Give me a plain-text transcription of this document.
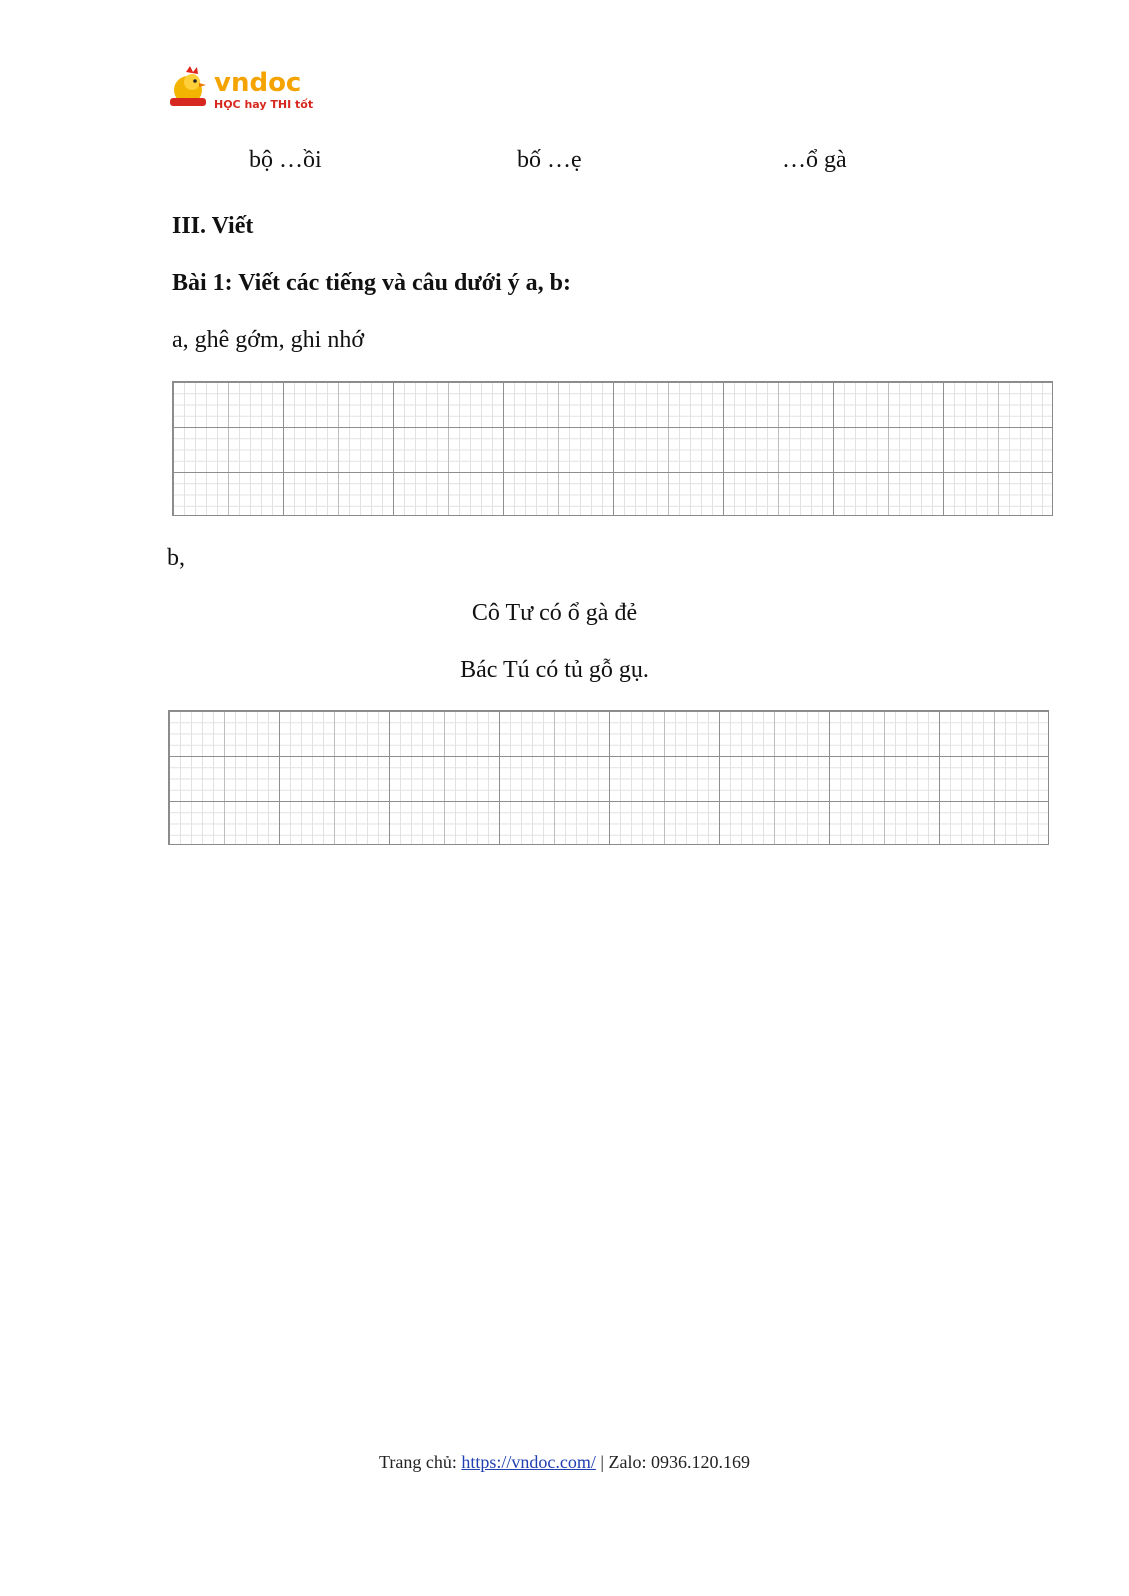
vndoc
HỌC hay THI tốt
bộ …ồi	bố …ẹ	…ổ gà
III. Viết
Bài 1: Viết các tiếng và câu dưới ý a, b:
a, ghê gớm, ghi nhớ
b,
Cô Tư có ổ gà đẻ
Bác Tú có tủ gỗ gụ.
Trang chủ: https://vndoc.com/ | Zalo: 0936.120.169
